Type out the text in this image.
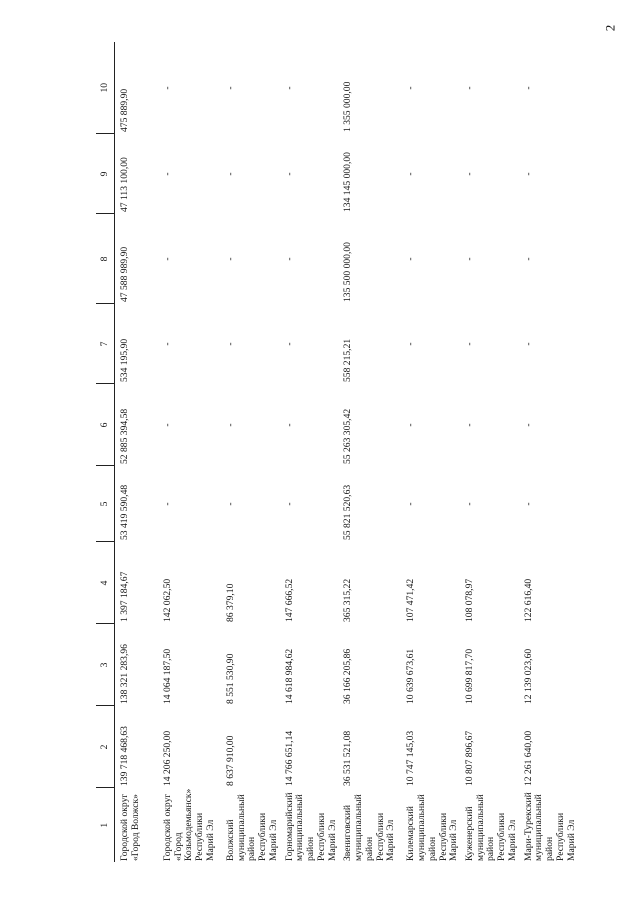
2
1	2	3	4	5	6	7	8	9	10
Городской округ «Город Волжск»	139 718 468,63	138 321 283,96	1 397 184,67	53 419 590,48	52 885 394,58	534 195,90	47 588 989,90	47 113 100,00	475 889,90
Городской округ «Город Козьмодемьянск» Республики Марий Эл	14 206 250,00	14 064 187,50	142 062,50	-	-	-	-	-	-
Волжский муниципальный район Республики Марий Эл	8 637 910,00	8 551 530,90	86 379,10	-	-	-	-	-	-
Горномарийский муниципальный район Республики Марий Эл	14 766 651,14	14 618 984,62	147 666,52	-	-	-	-	-	-
Звениговский муниципальный район Республики Марий Эл	36 531 521,08	36 166 205,86	365 315,22	55 821 520,63	55 263 305,42	558 215,21	135 500 000,00	134 145 000,00	1 355 000,00
Килемарский муниципальный район Республики Марий Эл	10 747 145,03	10 639 673,61	107 471,42	-	-	-	-	-	-
Куженерский муниципальный район Республики Марий Эл	10 807 896,67	10 699 817,70	108 078,97	-	-	-	-	-	-
Мари-Турекский муниципальный район Республики Марий Эл	12 261 640,00	12 139 023,60	122 616,40	-	-	-	-	-	-
